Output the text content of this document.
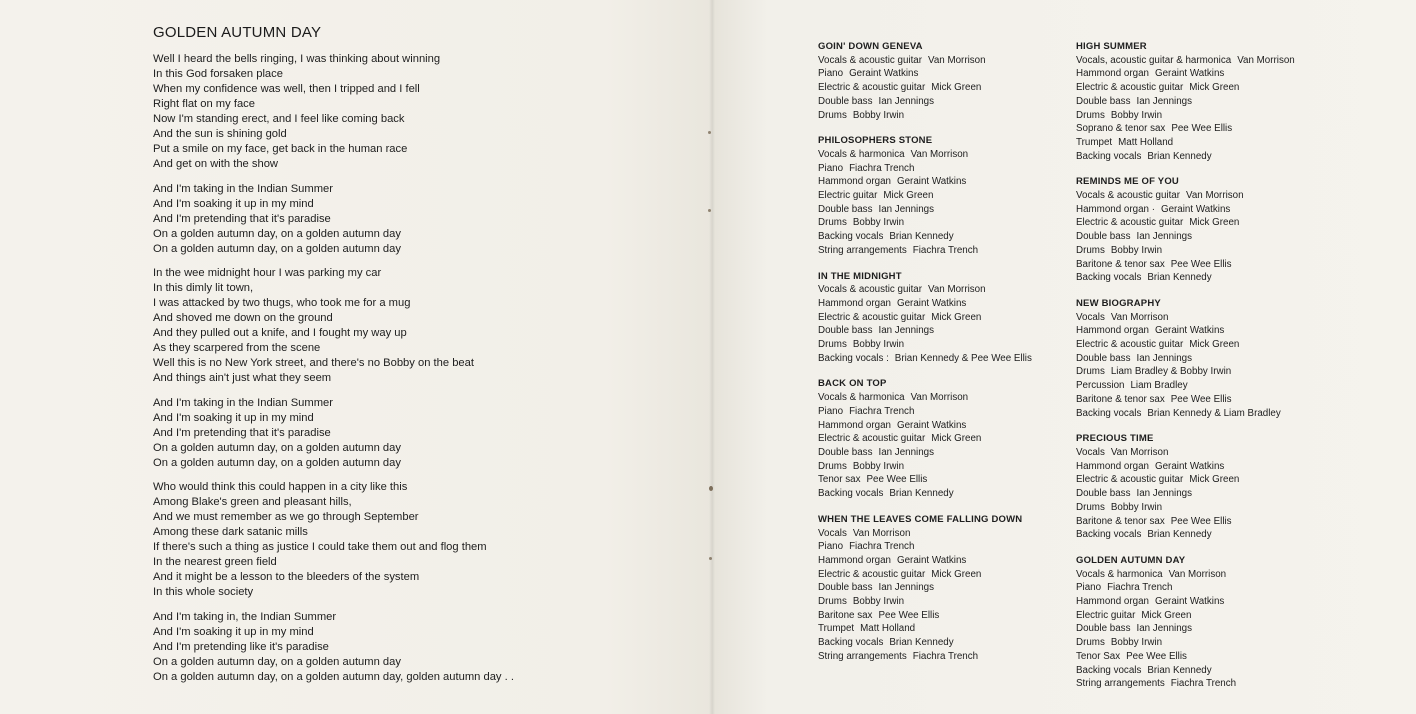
GOLDEN AUTUMN DAY
Well I heard the bells ringing, I was thinking about winning
In this God forsaken place
When my confidence was well, then I tripped and I fell
Right flat on my face
Now I'm standing erect, and I feel like coming back
And the sun is shining gold
Put a smile on my face, get back in the human race
And get on with the show
And I'm taking in the Indian Summer
And I'm soaking it up in my mind
And I'm pretending that it's paradise
On a golden autumn day, on a golden autumn day
On a golden autumn day, on a golden autumn day
In the wee midnight hour I was parking my car
In this dimly lit town,
I was attacked by two thugs, who took me for a mug
And shoved me down on the ground
And they pulled out a knife, and I fought my way up
As they scarpered from the scene
Well this is no New York street, and there's no Bobby on the beat
And things ain't just what they seem
And I'm taking in the Indian Summer
And I'm soaking it up in my mind
And I'm pretending that it's paradise
On a golden autumn day, on a golden autumn day
On a golden autumn day, on a golden autumn day
Who would think this could happen in a city like this
Among Blake's green and pleasant hills,
And we must remember as we go through September
Among these dark satanic mills
If there's such a thing as justice I could take them out and flog them
In the nearest green field
And it might be a lesson to the bleeders of the system
In this whole society
And I'm taking in, the Indian Summer
And I'm soaking it up in my mind
And I'm pretending like it's paradise
On a golden autumn day, on a golden autumn day
On a golden autumn day, on a golden autumn day, golden autumn day . .
GOIN' DOWN GENEVA
Vocals & acoustic guitar Van Morrison
Piano Geraint Watkins
Electric & acoustic guitar Mick Green
Double bass Ian Jennings
Drums Bobby Irwin
PHILOSOPHERS STONE
Vocals & harmonica Van Morrison
Piano Fiachra Trench
Hammond organ Geraint Watkins
Electric guitar Mick Green
Double bass Ian Jennings
Drums Bobby Irwin
Backing vocals Brian Kennedy
String arrangements Fiachra Trench
IN THE MIDNIGHT
Vocals & acoustic guitar Van Morrison
Hammond organ Geraint Watkins
Electric & acoustic guitar Mick Green
Double bass Ian Jennings
Drums Bobby Irwin
Backing vocals : Brian Kennedy & Pee Wee Ellis
BACK ON TOP
Vocals & harmonica Van Morrison
Piano Fiachra Trench
Hammond organ Geraint Watkins
Electric & acoustic guitar Mick Green
Double bass Ian Jennings
Drums Bobby Irwin
Tenor sax Pee Wee Ellis
Backing vocals Brian Kennedy
WHEN THE LEAVES COME FALLING DOWN
Vocals Van Morrison
Piano Fiachra Trench
Hammond organ Geraint Watkins
Electric & acoustic guitar Mick Green
Double bass Ian Jennings
Drums Bobby Irwin
Baritone sax Pee Wee Ellis
Trumpet Matt Holland
Backing vocals Brian Kennedy
String arrangements Fiachra Trench
HIGH SUMMER
Vocals, acoustic guitar & harmonica Van Morrison
Hammond organ Geraint Watkins
Electric & acoustic guitar Mick Green
Double bass Ian Jennings
Drums Bobby Irwin
Soprano & tenor sax Pee Wee Ellis
Trumpet Matt Holland
Backing vocals Brian Kennedy
REMINDS ME OF YOU
Vocals & acoustic guitar Van Morrison
Hammond organ · Geraint Watkins
Electric & acoustic guitar Mick Green
Double bass Ian Jennings
Drums Bobby Irwin
Baritone & tenor sax Pee Wee Ellis
Backing vocals Brian Kennedy
NEW BIOGRAPHY
Vocals Van Morrison
Hammond organ Geraint Watkins
Electric & acoustic guitar Mick Green
Double bass Ian Jennings
Drums Liam Bradley & Bobby Irwin
Percussion Liam Bradley
Baritone & tenor sax Pee Wee Ellis
Backing vocals Brian Kennedy & Liam Bradley
PRECIOUS TIME
Vocals Van Morrison
Hammond organ Geraint Watkins
Electric & acoustic guitar Mick Green
Double bass Ian Jennings
Drums Bobby Irwin
Baritone & tenor sax Pee Wee Ellis
Backing vocals Brian Kennedy
GOLDEN AUTUMN DAY
Vocals & harmonica Van Morrison
Piano Fiachra Trench
Hammond organ Geraint Watkins
Electric guitar Mick Green
Double bass Ian Jennings
Drums Bobby Irwin
Tenor Sax Pee Wee Ellis
Backing vocals Brian Kennedy
String arrangements Fiachra Trench
